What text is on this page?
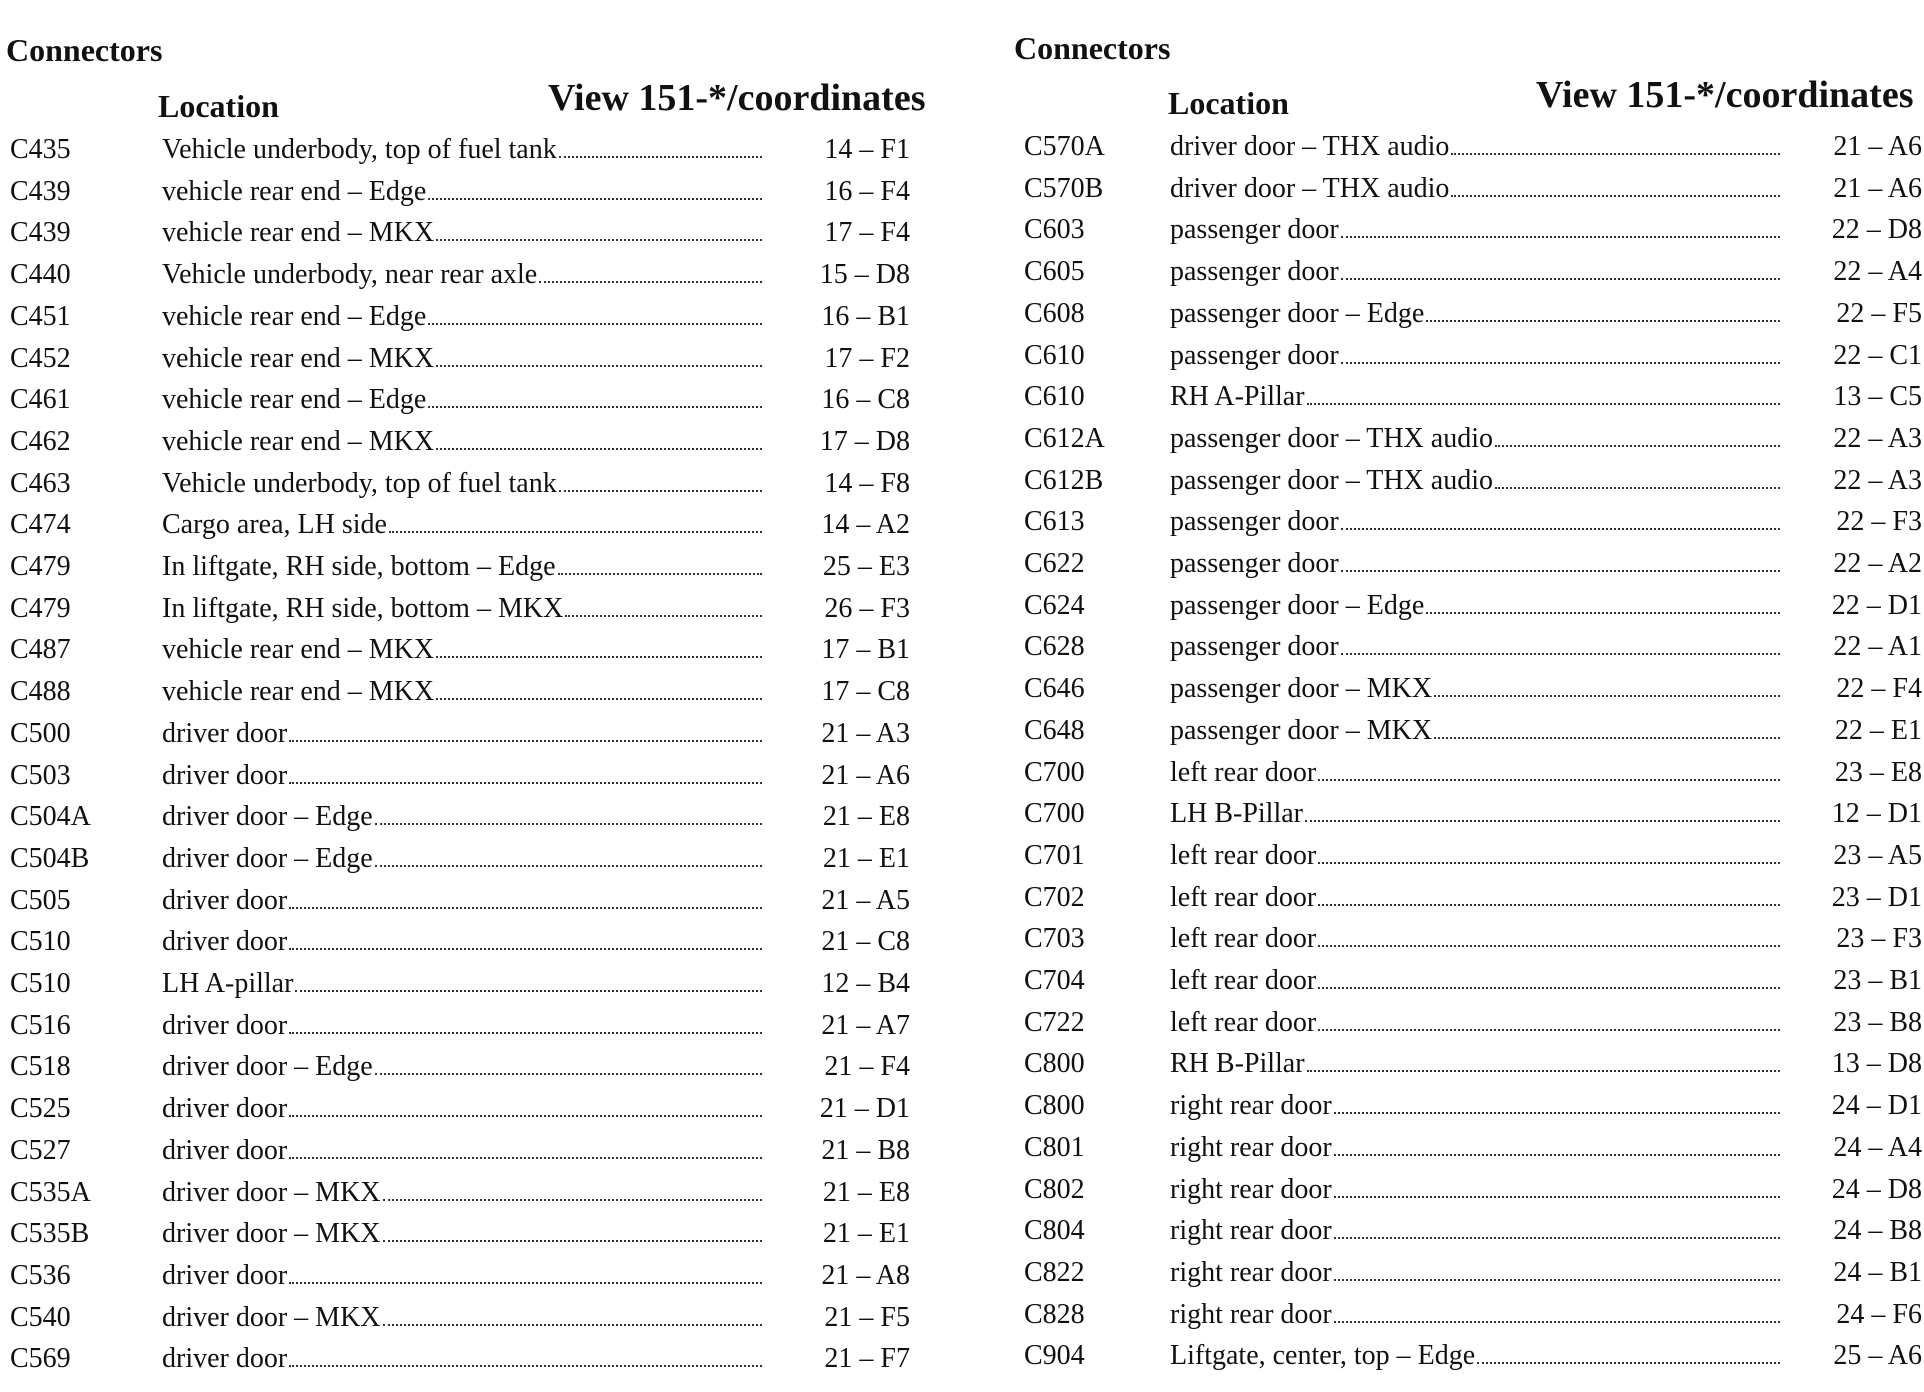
Connectors
Location	View 151-*/coordinates
C435	Vehicle underbody, top of fuel tank	14 – F1
C439	vehicle rear end – Edge	16 – F4
C439	vehicle rear end – MKX	17 – F4
C440	Vehicle underbody, near rear axle	15 – D8
C451	vehicle rear end – Edge	16 – B1
C452	vehicle rear end – MKX	17 – F2
C461	vehicle rear end – Edge	16 – C8
C462	vehicle rear end – MKX	17 – D8
C463	Vehicle underbody, top of fuel tank	14 – F8
C474	Cargo area, LH side	14 – A2
C479	In liftgate, RH side, bottom – Edge	25 – E3
C479	In liftgate, RH side, bottom – MKX	26 – F3
C487	vehicle rear end – MKX	17 – B1
C488	vehicle rear end – MKX	17 – C8
C500	driver door	21 – A3
C503	driver door	21 – A6
C504A	driver door – Edge	21 – E8
C504B	driver door – Edge	21 – E1
C505	driver door	21 – A5
C510	driver door	21 – C8
C510	LH A-pillar	12 – B4
C516	driver door	21 – A7
C518	driver door – Edge	21 – F4
C525	driver door	21 – D1
C527	driver door	21 – B8
C535A	driver door – MKX	21 – E8
C535B	driver door – MKX	21 – E1
C536	driver door	21 – A8
C540	driver door – MKX	21 – F5
C569	driver door	21 – F7
Connectors
Location	View 151-*/coordinates
C570A driver door – THX audio	21 – A6
C570B driver door – THX audio	21 – A6
C603	passenger door	22 – D8
C605	passenger door	22 – A4
C608	passenger door – Edge	22 – F5
C610	passenger door	22 – C1
C610	RH A-Pillar	13 – C5
C612A passenger door – THX audio	22 – A3
C612B passenger door – THX audio	22 – A3
C613	passenger door	22 – F3
C622	passenger door	22 – A2
C624	passenger door – Edge	22 – D1
C628	passenger door	22 – A1
C646	passenger door – MKX	22 – F4
C648	passenger door – MKX	22 – E1
C700	left rear door	23 – E8
C700	LH B-Pillar	12 – D1
C701	left rear door	23 – A5
C702	left rear door	23 – D1
C703	left rear door	23 – F3
C704	left rear door	23 – B1
C722	left rear door	23 – B8
C800	RH B-Pillar	13 – D8
C800	right rear door	24 – D1
C801	right rear door	24 – A4
C802	right rear door	24 – D8
C804	right rear door	24 – B8
C822	right rear door	24 – B1
C828	right rear door	24 – F6
C904	Liftgate, center, top – Edge	25 – A6
